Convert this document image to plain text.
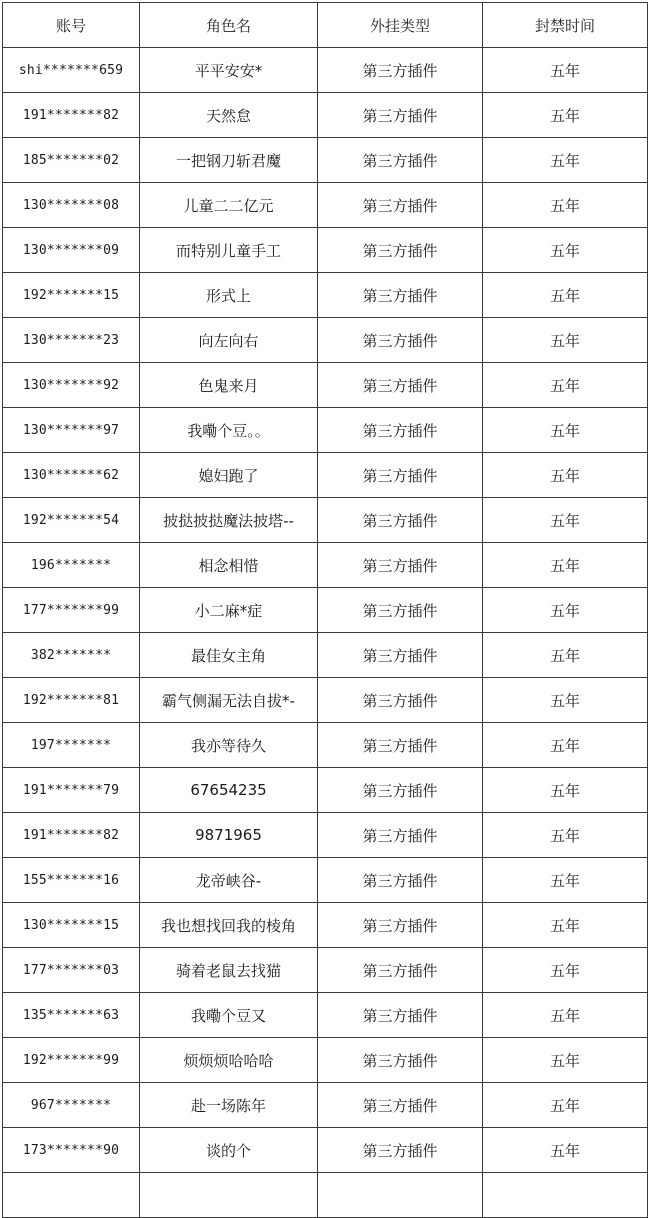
账号	角色名	外挂类型	封禁时间
shi*******659	平平安安*	第三方插件	五年
191*******82	天然怠	第三方插件	五年
185*******02	一把钢刀斩君魔	第三方插件	五年
130*******08	儿童二二亿元	第三方插件	五年
130*******09	而特别儿童手工	第三方插件	五年
192*******15	形式上	第三方插件	五年
130*******23	向左向右	第三方插件	五年
130*******92	色鬼来月	第三方插件	五年
130*******97	我嘞个豆。。	第三方插件	五年
130*******62	媳妇跑了	第三方插件	五年
192*******54	披挞披挞魔法披塔--	第三方插件	五年
196*******	相念相惜	第三方插件	五年
177*******99	小二麻*症	第三方插件	五年
382*******	最佳女主角	第三方插件	五年
192*******81	霸气侧漏无法自拔*-	第三方插件	五年
197*******	我亦等待久	第三方插件	五年
191*******79	67654235	第三方插件	五年
191*******82	9871965	第三方插件	五年
155*******16	龙帝峡谷-	第三方插件	五年
130*******15	我也想找回我的棱角	第三方插件	五年
177*******03	骑着老鼠去找猫	第三方插件	五年
135*******63	我嘞个豆又	第三方插件	五年
192*******99	烦烦烦哈哈哈	第三方插件	五年
967*******	赴一场陈年	第三方插件	五年
173*******90	谈的个	第三方插件	五年
